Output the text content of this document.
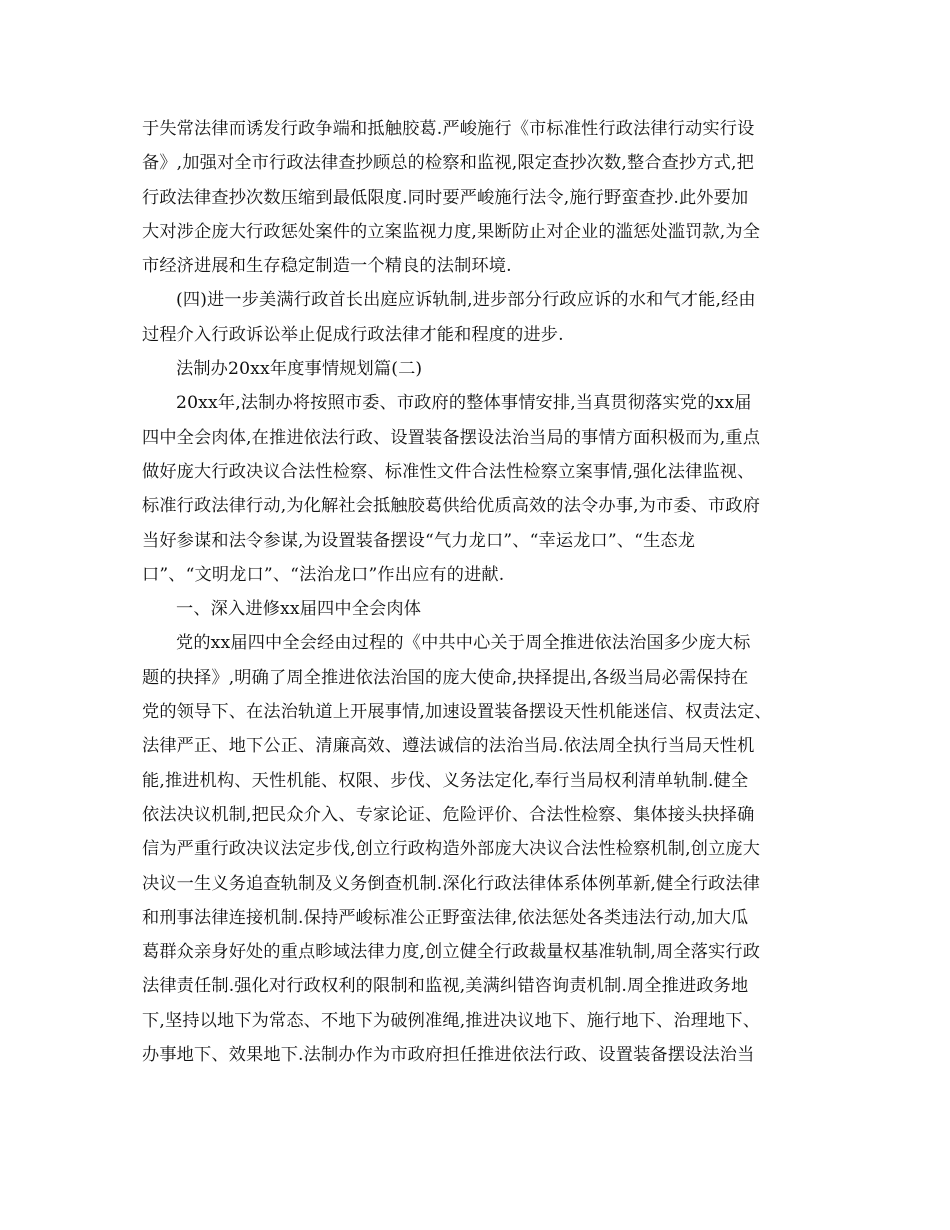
于失常法律而诱发行政争端和抵触胶葛.严峻施行《市标准性行政法律行动实行设
备》,加强对全市行政法律查抄顾总的检察和监视,限定查抄次数,整合查抄方式,把
行政法律查抄次数压缩到最低限度.同时要严峻施行法令,施行野蛮查抄.此外要加
大对涉企庞大行政惩处案件的立案监视力度,果断防止对企业的滥惩处滥罚款,为全
市经济进展和生存稳定制造一个精良的法制环境.
(四)进一步美满行政首长出庭应诉轨制,进步部分行政应诉的水和气才能,经由
过程介入行政诉讼举止促成行政法律才能和程度的进步.
法制办20xx年度事情规划篇(二)
20xx年,法制办将按照市委、市政府的整体事情安排,当真贯彻落实党的xx届
四中全会肉体,在推进依法行政、设置装备摆设法治当局的事情方面积极而为,重点
做好庞大行政决议合法性检察、标准性文件合法性检察立案事情,强化法律监视、
标准行政法律行动,为化解社会抵触胶葛供给优质高效的法令办事,为市委、市政府
当好参谋和法令参谋,为设置装备摆设“气力龙口”、“幸运龙口”、“生态龙
口”、“文明龙口”、“法治龙口”作出应有的进献.
一、深入进修xx届四中全会肉体
党的xx届四中全会经由过程的《中共中心关于周全推进依法治国多少庞大标
题的抉择》,明确了周全推进依法治国的庞大使命,抉择提出,各级当局必需保持在
党的领导下、在法治轨道上开展事情,加速设置装备摆设天性机能迷信、权责法定、
法律严正、地下公正、清廉高效、遵法诚信的法治当局.依法周全执行当局天性机
能,推进机构、天性机能、权限、步伐、义务法定化,奉行当局权利清单轨制.健全
依法决议机制,把民众介入、专家论证、危险评价、合法性检察、集体接头抉择确
信为严重行政决议法定步伐,创立行政构造外部庞大决议合法性检察机制,创立庞大
决议一生义务追查轨制及义务倒查机制.深化行政法律体系体例革新,健全行政法律
和刑事法律连接机制.保持严峻标准公正野蛮法律,依法惩处各类违法行动,加大瓜
葛群众亲身好处的重点畛域法律力度,创立健全行政裁量权基准轨制,周全落实行政
法律责任制.强化对行政权利的限制和监视,美满纠错咨询责机制.周全推进政务地
下,坚持以地下为常态、不地下为破例准绳,推进决议地下、施行地下、治理地下、
办事地下、效果地下.法制办作为市政府担任推进依法行政、设置装备摆设法治当
